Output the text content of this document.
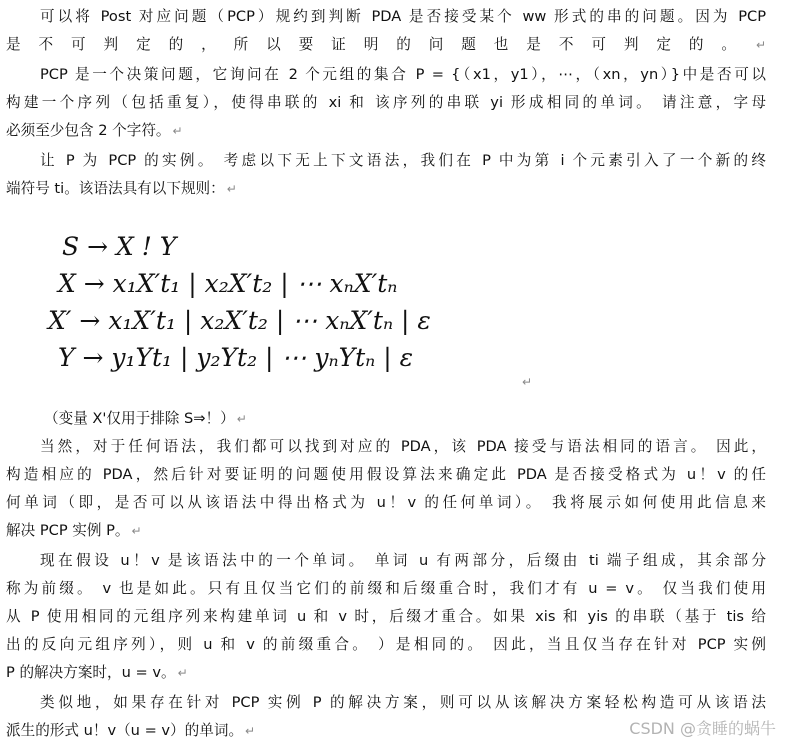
可以将 Post 对应问题（PCP）规约到判断 PDA 是否接受某个 ww 形式的串的问题。因为 PCP
是不可判定的，所以要证明的问题也是不可判定的。 ↵
PCP 是一个决策问题，它询问在 2 个元组的集合 P = {（x1，y1），⋯，（xn，yn）}中是否可以
构建一个序列（包括重复），使得串联的 xi 和 该序列的串联 yi 形成相同的单词。 请注意，字母
必须至少包含 2 个字符。 ↵
让 P 为 PCP 的实例。 考虑以下无上下文语法，我们在 P 中为第 i 个元素引入了一个新的终
端符号 ti。该语法具有以下规则： ↵
S → X ! Y
X → x₁X′t₁ | x₂X′t₂ | ⋯ xₙX′tₙ
X′ → x₁X′t₁ | x₂X′t₂ | ⋯ xₙX′tₙ | ε
Y → y₁Yt₁ | y₂Yt₂ | ⋯ yₙYtₙ | ε
↵
（变量 X'仅用于排除 S⇒！） ↵
当然，对于任何语法，我们都可以找到对应的 PDA，该 PDA 接受与语法相同的语言。 因此，
构造相应的 PDA，然后针对要证明的问题使用假设算法来确定此 PDA 是否接受格式为 u！v 的任
何单词（即，是否可以从该语法中得出格式为 u！v 的任何单词）。 我将展示如何使用此信息来
解决 PCP 实例 P。 ↵
现在假设 u！v 是该语法中的一个单词。 单词 u 有两部分，后缀由 ti 端子组成，其余部分
称为前缀。 v 也是如此。只有且仅当它们的前缀和后缀重合时，我们才有 u = v。 仅当我们使用
从 P 使用相同的元组序列来构建单词 u 和 v 时，后缀才重合。如果 xis 和 yis 的串联（基于 tis 给
出的反向元组序列），则 u 和 v 的前缀重合。 ）是相同的。 因此，当且仅当存在针对 PCP 实例
P 的解决方案时，u = v。 ↵
类似地，如果存在针对 PCP 实例 P 的解决方案，则可以从该解决方案轻松构造可从该语法
派生的形式 u！v（u = v）的单词。 ↵	CSDN @贪睡的蜗牛
